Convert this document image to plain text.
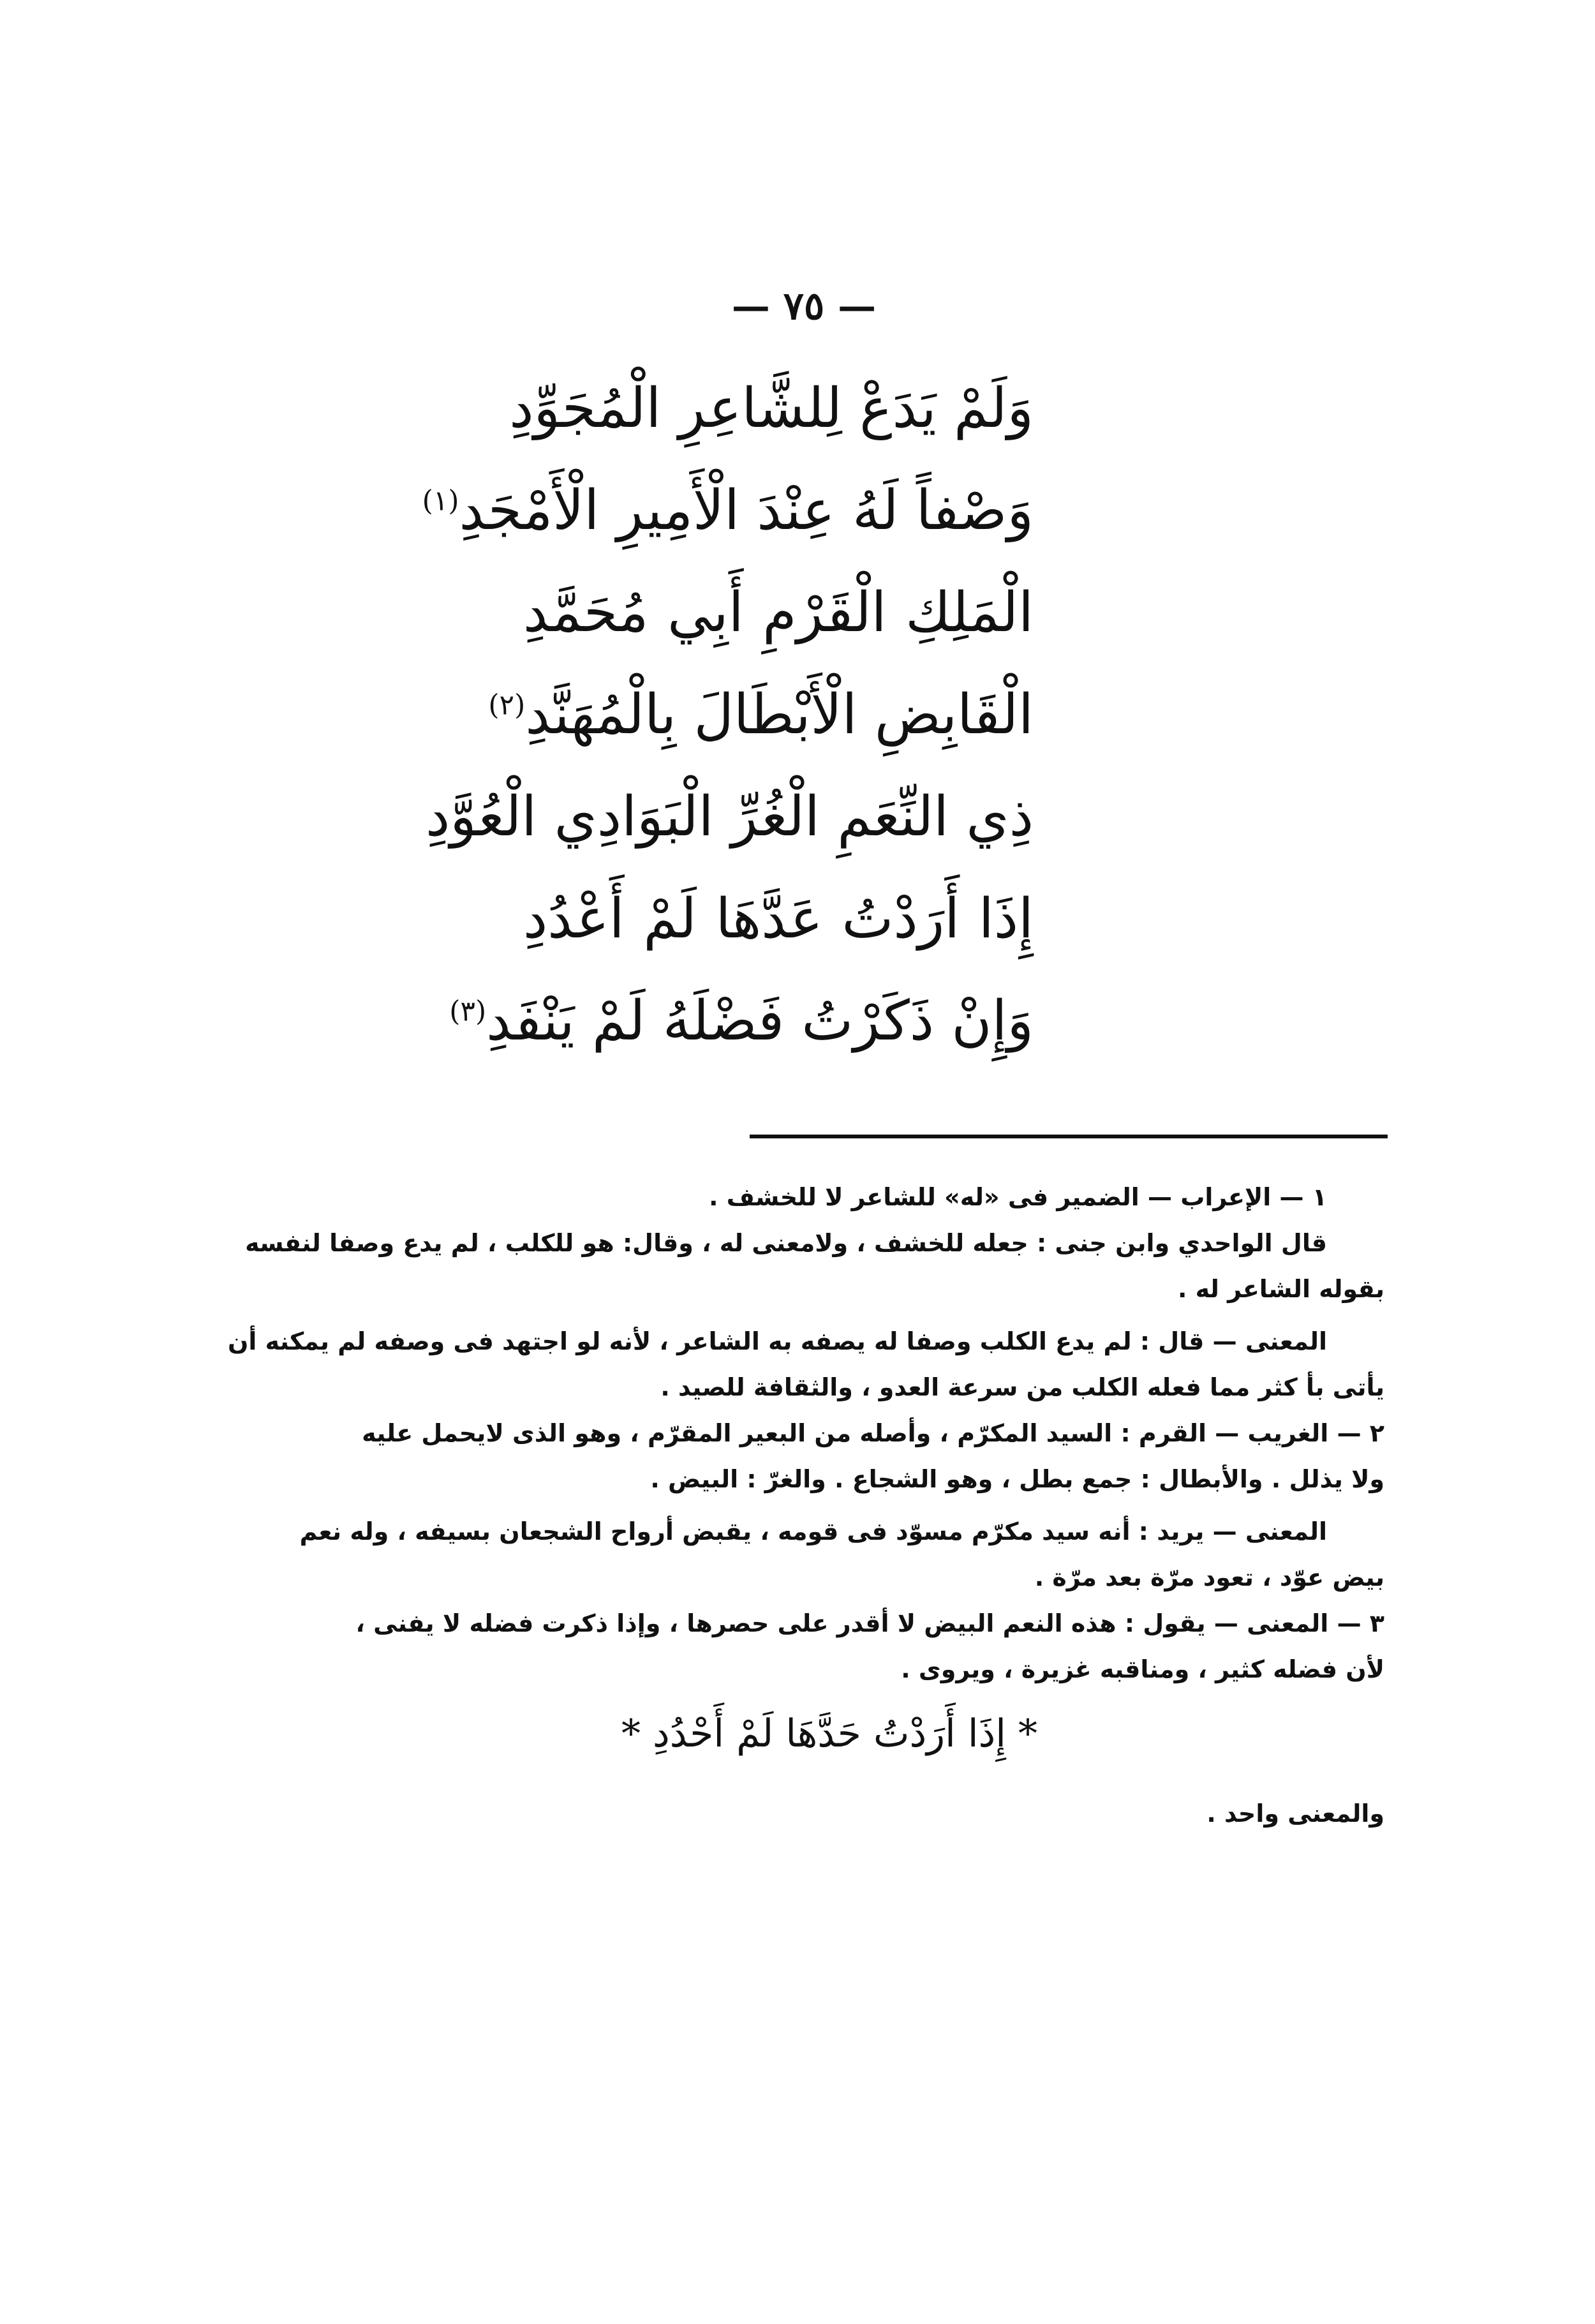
— ٧٥ —
وَلَمْ يَدَعْ لِلشَّاعِرِ الْمُجَوِّدِ
وَصْفاً لَهُ عِنْدَ الْأَمِيرِ الْأَمْجَدِ$^{(١)}$
الْمَلِكِ الْقَرْمِ أَبِي مُحَمَّدِ
الْقَابِضِ الْأَبْطَالَ بِالْمُهَنَّدِ$^{(٢)}$
ذِي النِّعَمِ الْغُرِّ الْبَوَادِي الْعُوَّدِ
إِذَا أَرَدْتُ عَدَّهَا لَمْ أَعْدُدِ
وَإِنْ ذَكَرْتُ فَضْلَهُ لَمْ يَنْفَدِ$^{(٣)}$
١ — الإعراب — الضمير فى «له» للشاعر لا للخشف .
قال الواحدي وابن جنى : جعله للخشف ، ولامعنى له ، وقال: هو للكلب ، لم يدع وصفا لنفسه
بقوله الشاعر له .
المعنى — قال : لم يدع الكلب وصفا له يصفه به الشاعر ، لأنه لو اجتهد فى وصفه لم يمكنه أن
يأتى بأ كثر مما فعله الكلب من سرعة العدو ، والثقافة للصيد .
٢ — الغريب — القرم : السيد المكرّم ، وأصله من البعير المقرّم ، وهو الذى لايحمل عليه
ولا يذلل . والأبطال : جمع بطل ، وهو الشجاع . والغرّ : البيض .
المعنى — يريد : أنه سيد مكرّم مسوّد فى قومه ، يقبض أرواح الشجعان بسيفه ، وله نعم
بيض عوّد ، تعود مرّة بعد مرّة .
٣ — المعنى — يقول : هذه النعم البيض لا أقدر على حصرها ، وإذا ذكرت فضله لا يفنى ،
لأن فضله كثير ، ومناقبه غزيرة ، ويروى .
* إِذَا أَرَدْتُ حَدَّهَا لَمْ أَحْدُدِ *
والمعنى واحد .
